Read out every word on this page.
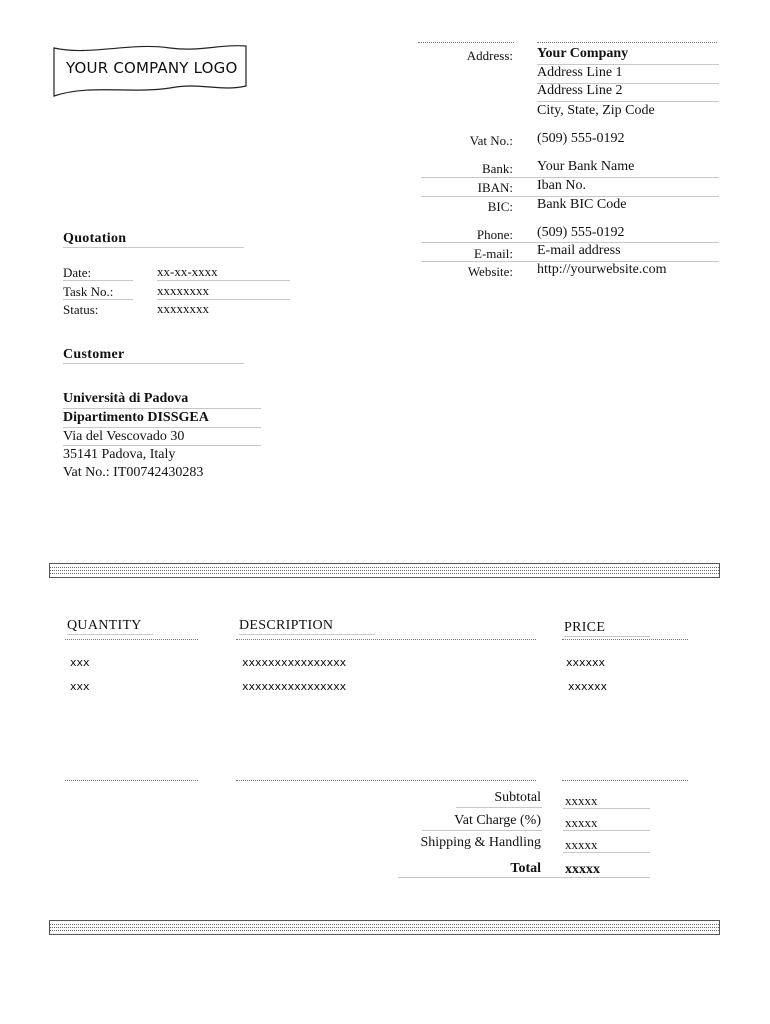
YOUR COMPANY LOGO
Address: Your Company
Address Line 1
Address Line 2
City, State, Zip Code
Vat No.: (509) 555-0192
Bank: Your Bank Name
IBAN: Iban No.
BIC: Bank BIC Code
Phone: (509) 555-0192
E-mail: E-mail address
Website: http://yourwebsite.com
Quotation
Date:	xx-xx-xxxx
Task No.:	xxxxxxxx
Status:	xxxxxxxx
Customer
Università di Padova
Dipartimento DISSGEA
Via del Vescovado 30
35141 Padova, Italy
Vat No.: IT00742430283
QUANTITY	DESCRIPTION	PRICE
xxx	xxxxxxxxxxxxxxxx	xxxxxx
xxx	xxxxxxxxxxxxxxxx	xxxxxx
Subtotal xxxxx
Vat Charge (%) xxxxx
Shipping & Handling xxxxx
Total xxxxx
